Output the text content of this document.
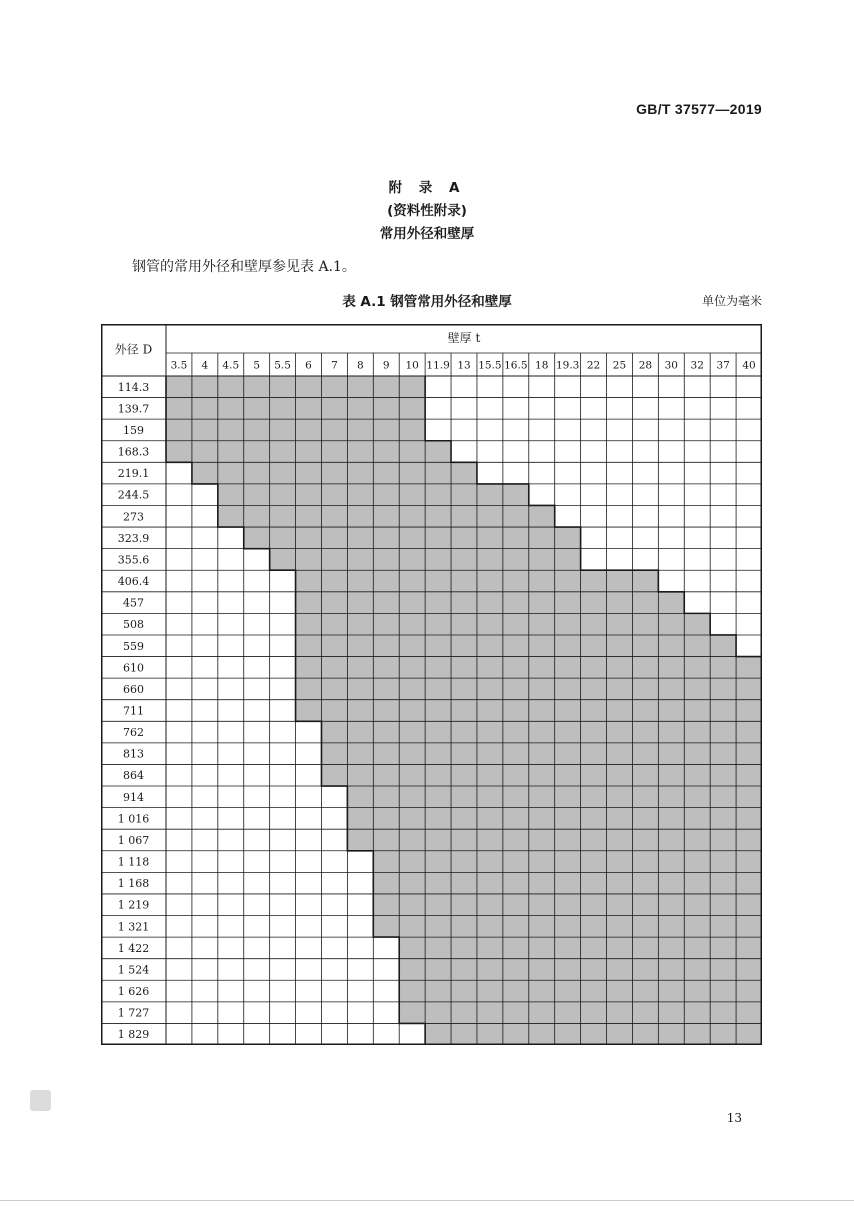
GB/T 37577—2019
附 录 A
(资料性附录)
常用外径和壁厚
钢管的常用外径和壁厚参见表 A.1。
表 A.1 钢管常用外径和壁厚	单位为毫米
外径 D
壁厚 t
3.5 4 4.5 5 5.5 6 7 8 9 10 11.9 13 15.5 16.5 18 19.3 22 25 28 30 32 37 40
114.3
139.7
159
168.3
219.1
244.5
273
323.9
355.6
406.4
457
508
559
610
660
711
762
813
864
914
1 016
1 067
1 118
1 168
1 219
1 321
1 422
1 524
1 626
1 727
1 829
13
